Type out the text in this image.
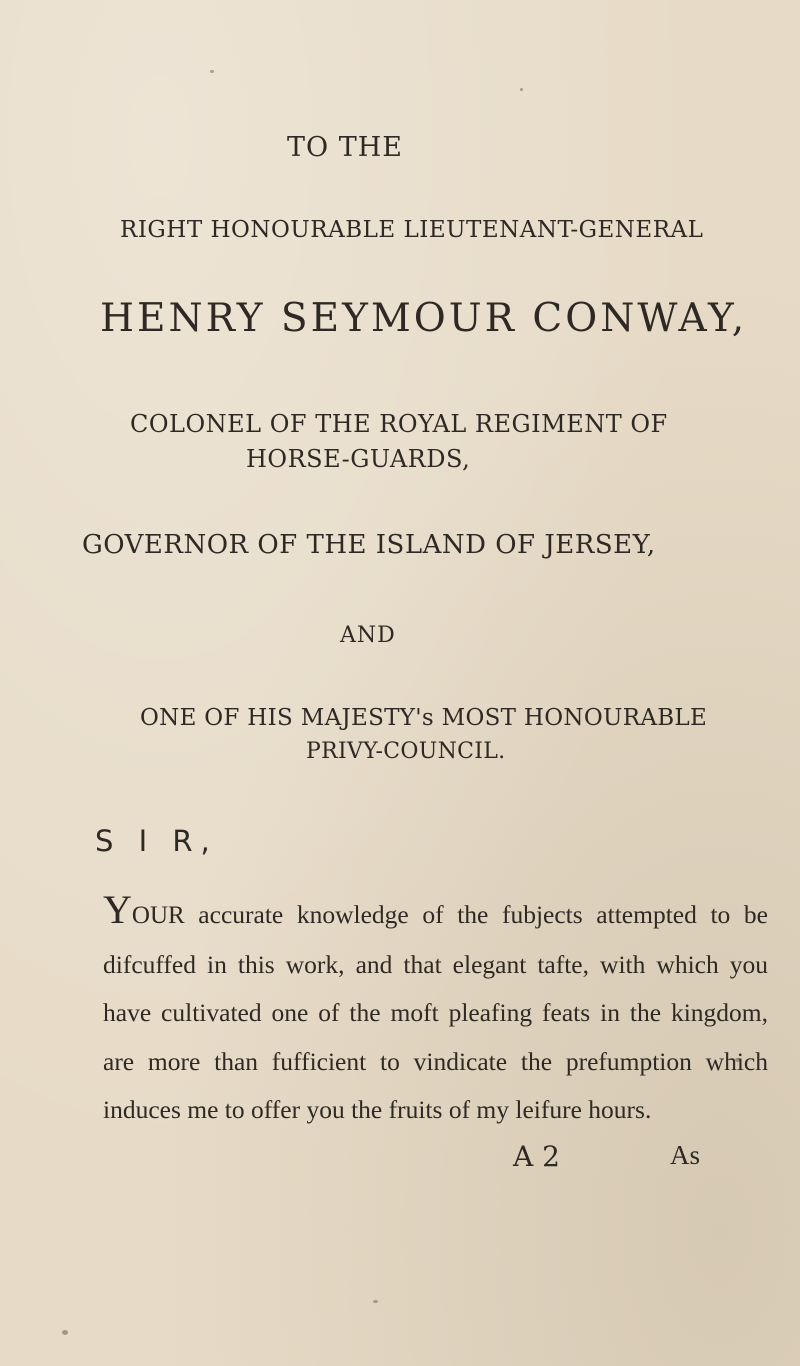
TO THE
RIGHT HONOURABLE LIEUTENANT-GENERAL
HENRY SEYMOUR CONWAY,
COLONEL OF THE ROYAL REGIMENT OF
HORSE-GUARDS,
GOVERNOR OF THE ISLAND OF JERSEY,
AND
ONE OF HIS MAJESTY's MOST HONOURABLE
PRIVY-COUNCIL.
S I R,
YOUR accurate knowledge of the fubjects attempted to be difcuffed in this work, and that elegant tafte, with which you have cultivated one of the moft pleafing feats in the kingdom, are more than fufficient to vindicate the prefumption which induces me to offer you the fruits of my leifure hours.
A 2	As
